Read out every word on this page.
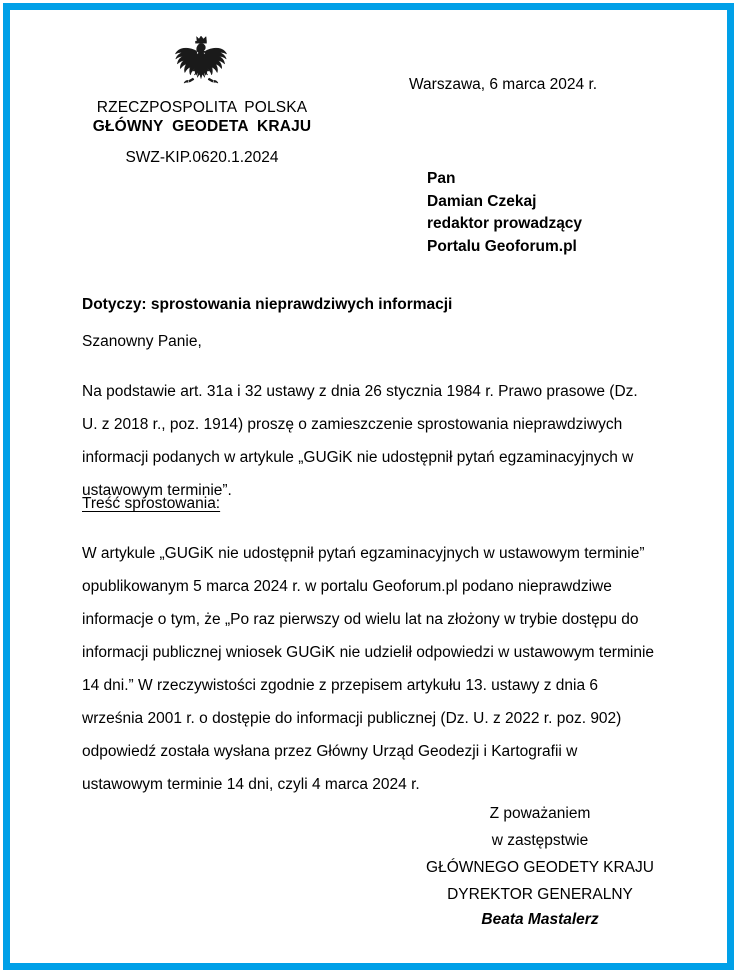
RZECZPOSPOLITA POLSKA
GŁÓWNY GEODETA KRAJU
SWZ-KIP.0620.1.2024
Warszawa, 6 marca 2024 r.
Pan
Damian Czekaj
redaktor prowadzący
Portalu Geoforum.pl
Dotyczy: sprostowania nieprawdziwych informacji
Szanowny Panie,
Na podstawie art. 31a i 32 ustawy z dnia 26 stycznia 1984 r. Prawo prasowe (Dz. U. z 2018 r., poz. 1914) proszę o zamieszczenie sprostowania nieprawdziwych informacji podanych w artykule „GUGiK nie udostępnił pytań egzaminacyjnych w ustawowym terminie”.
Treść sprostowania:
W artykule „GUGiK nie udostępnił pytań egzaminacyjnych w ustawowym terminie” opublikowanym 5 marca 2024 r. w portalu Geoforum.pl podano nieprawdziwe informacje o tym, że „Po raz pierwszy od wielu lat na złożony w trybie dostępu do informacji publicznej wniosek GUGiK nie udzielił odpowiedzi w ustawowym terminie 14 dni.” W rzeczywistości zgodnie z przepisem artykułu 13. ustawy z dnia 6 września 2001 r. o dostępie do informacji publicznej (Dz. U. z 2022 r. poz. 902) odpowiedź została wysłana przez Główny Urząd Geodezji i Kartografii w ustawowym terminie 14 dni, czyli 4 marca 2024 r.
Z poważaniem
w zastępstwie
GŁÓWNEGO GEODETY KRAJU
DYREKTOR GENERALNY
Beata Mastalerz
